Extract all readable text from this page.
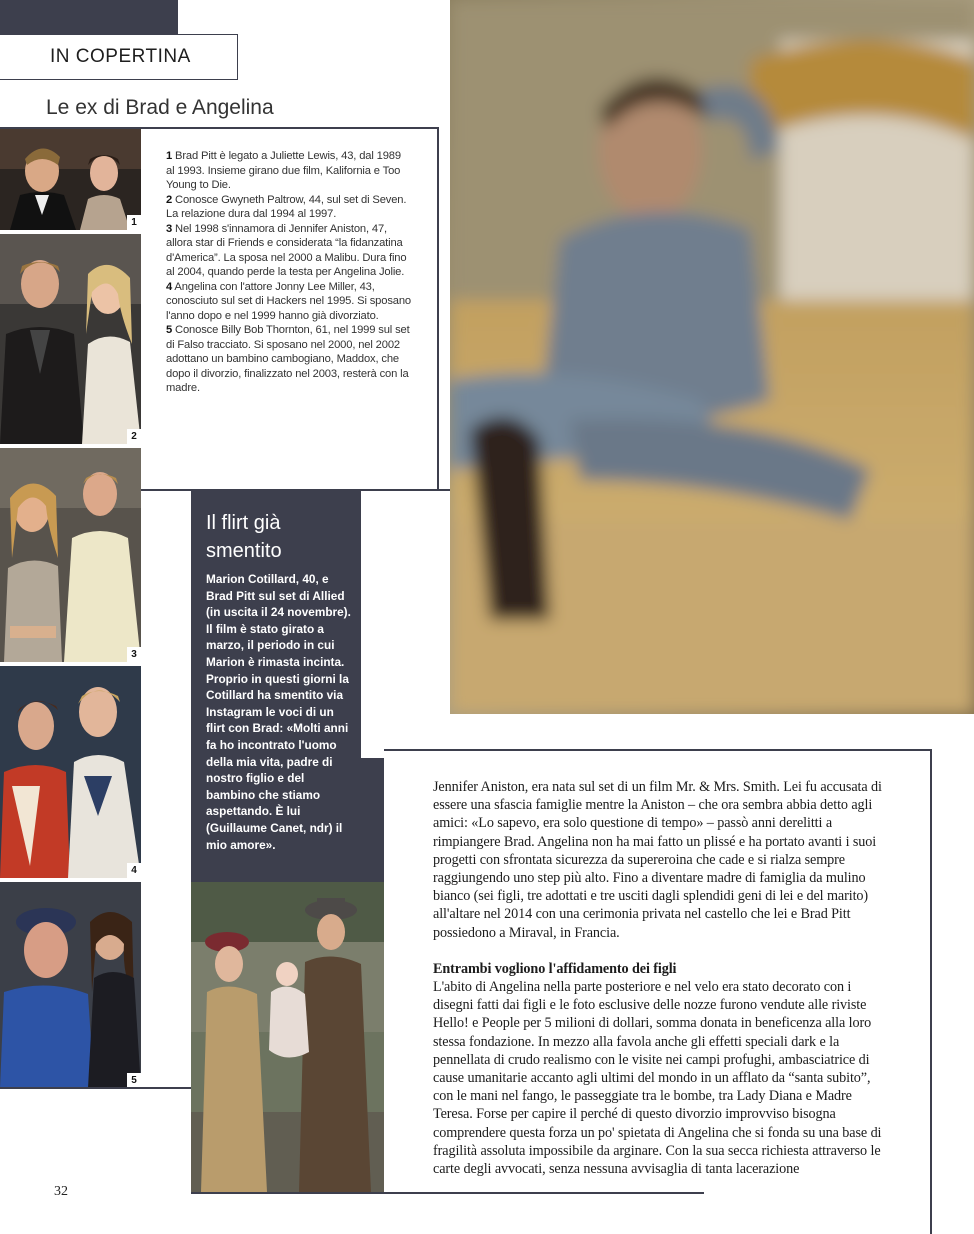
IN COPERTINA
Le ex di Brad e Angelina
1
2
3
4
5

1 Brad Pitt è legato a Juliette Lewis, 43, dal 1989 al 1993. Insieme girano due film, Kalifornia e Too Young to Die.

2 Conosce Gwyneth Paltrow, 44, sul set di Seven. La relazione dura dal 1994 al 1997.

3 Nel 1998 s'innamora di Jennifer Aniston, 47, allora star di Friends e considerata “la fidanzatina d'America”. La sposa nel 2000 a Malibu. Dura fino al 2004, quando perde la testa per Angelina Jolie.

4 Angelina con l'attore Jonny Lee Miller, 43, conosciuto sul set di Hackers nel 1995. Si sposano l'anno dopo e nel 1999 hanno già divorziato.

5 Conosce Billy Bob Thornton, 61, nel 1999 sul set di Falso tracciato. Si sposano nel 2000, nel 2002 adottano un bambino cambogiano, Maddox, che dopo il divorzio, finalizzato nel 2003, resterà con la madre.

Il flirt già smentito
Marion Cotillard, 40, e Brad Pitt sul set di Allied (in uscita il 24 novembre). Il film è stato girato a marzo, il periodo in cui Marion è rimasta incinta. Proprio in questi giorni la Cotillard ha smentito via Instagram le voci di un flirt con Brad: «Molti anni fa ho incontrato l'uomo della mia vita, padre di nostro figlio e del bambino che stiamo aspettando. È lui (Guillaume Canet, ndr) il mio amore».

Jennifer Aniston, era nata sul set di un film Mr. & Mrs. Smith. Lei fu accusata di essere una sfascia famiglie mentre la Aniston – che ora sembra abbia detto agli amici: «Lo sapevo, era solo questione di tempo» – passò anni derelitti a rimpiangere Brad. Angelina non ha mai fatto un plissé e ha portato avanti i suoi progetti con sfrontata sicurezza da supereroina che cade e si rialza sempre raggiungendo uno step più alto. Fino a diventare madre di famiglia da mulino bianco (sei figli, tre adottati e tre usciti dagli splendidi geni di lei e del marito) all'altare nel 2014 con una cerimonia privata nel castello che lei e Brad Pitt possiedono a Miraval, in Francia.

Entrambi vogliono l'affidamento dei figli

L'abito di Angelina nella parte posteriore e nel velo era stato decorato con i disegni fatti dai figli e le foto esclusive delle nozze furono vendute alle riviste Hello! e People per 5 milioni di dollari, somma donata in beneficenza alla loro stessa fondazione. In mezzo alla favola anche gli effetti speciali dark e la pennellata di crudo realismo con le visite nei campi profughi, ambasciatrice di cause umanitarie accanto agli ultimi del mondo in un afflato da “santa subito”, con le mani nel fango, le passeggiate tra le bombe, tra Lady Diana e Madre Teresa. Forse per capire il perché di questo divorzio improvviso bisogna comprendere questa forza un po' spietata di Angelina che si fonda su una base di fragilità assoluta impossibile da arginare. Con la sua secca richiesta attraverso le carte degli avvocati, senza nessuna avvisaglia di tanta lacerazione

32
